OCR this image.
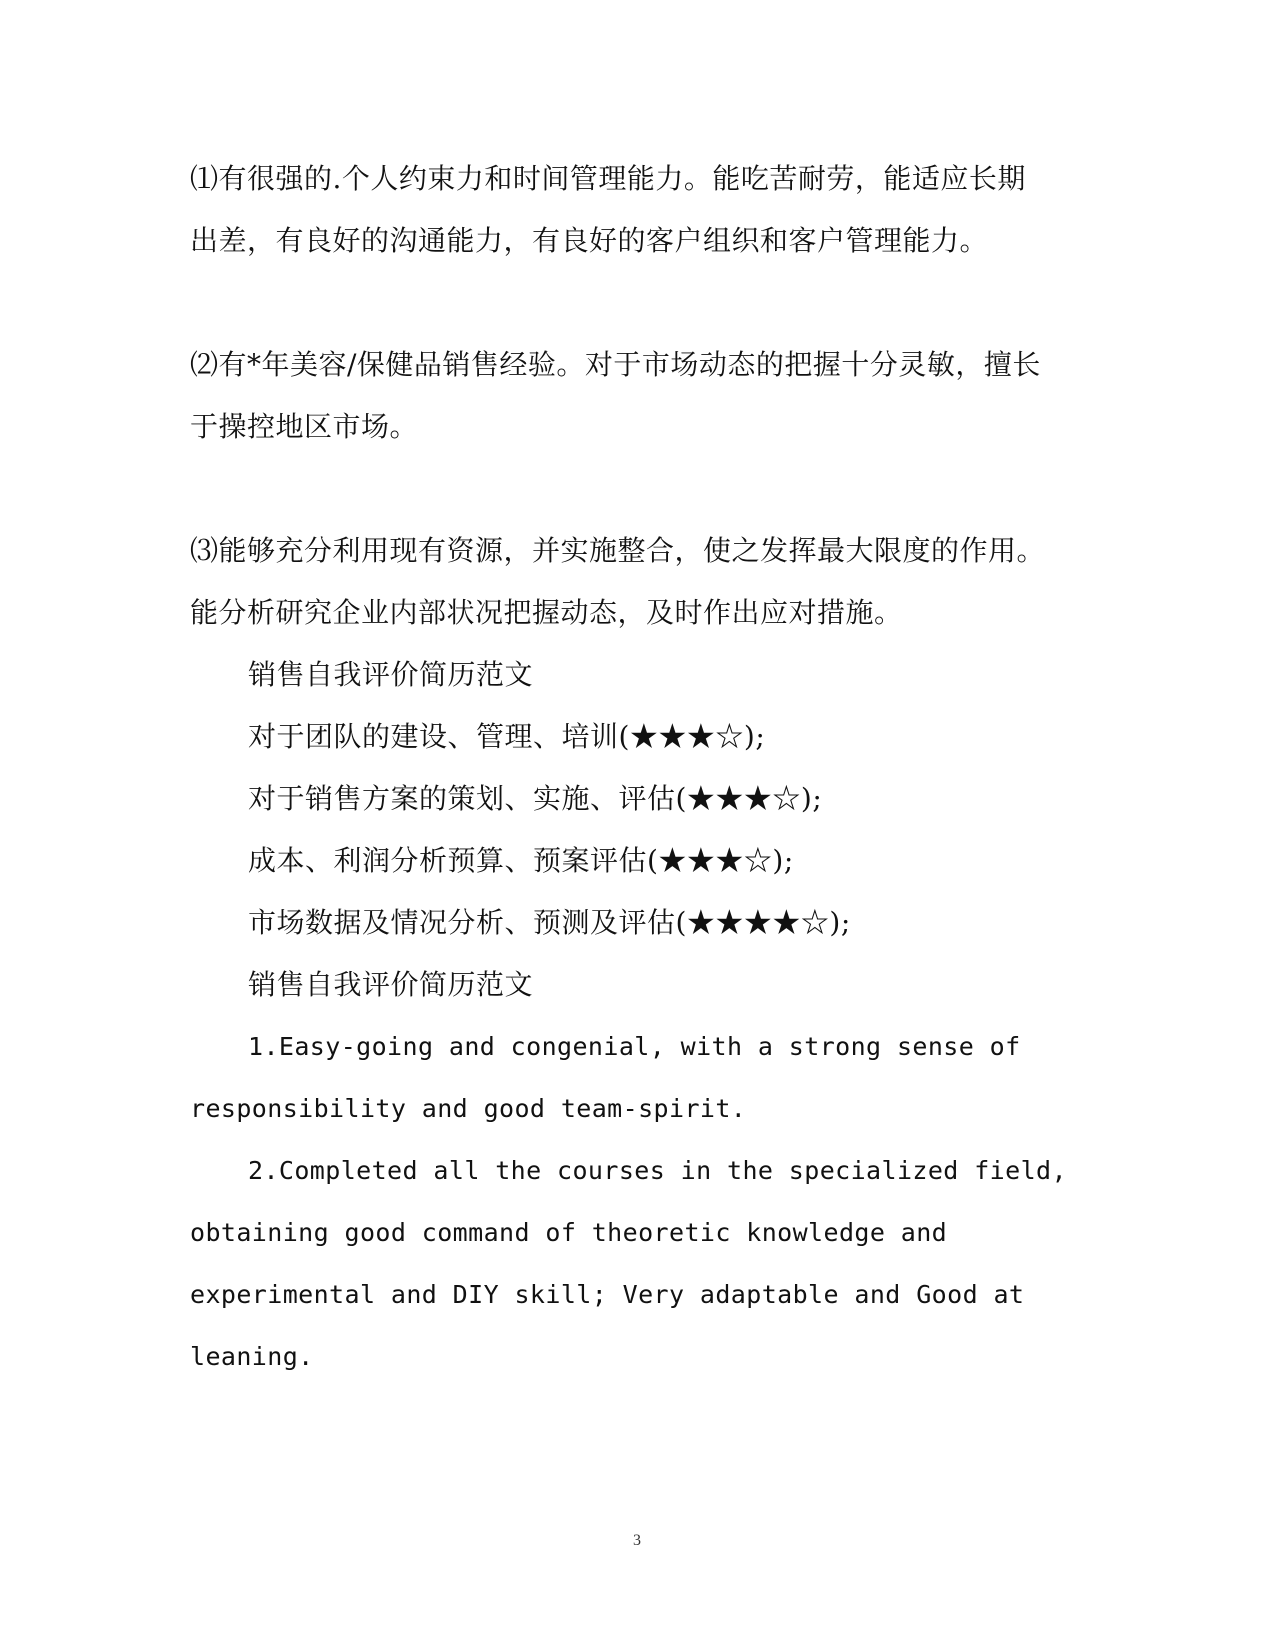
⑴有很强的.个人约束力和时间管理能力。能吃苦耐劳，能适应长期
出差，有良好的沟通能力，有良好的客户组织和客户管理能力。
⑵有*年美容/保健品销售经验。对于市场动态的把握十分灵敏，擅长
于操控地区市场。
⑶能够充分利用现有资源，并实施整合，使之发挥最大限度的作用。
能分析研究企业内部状况把握动态，及时作出应对措施。
销售自我评价简历范文
对于团队的建设、管理、培训(★★★☆);
对于销售方案的策划、实施、评估(★★★☆);
成本、利润分析预算、预案评估(★★★☆);
市场数据及情况分析、预测及评估(★★★★☆);
销售自我评价简历范文
1.Easy-going and congenial, with a strong sense of
responsibility and good team-spirit.
2.Completed all the courses in the specialized field,
obtaining good command of theoretic knowledge and
experimental and DIY skill; Very adaptable and Good at
leaning.
3
